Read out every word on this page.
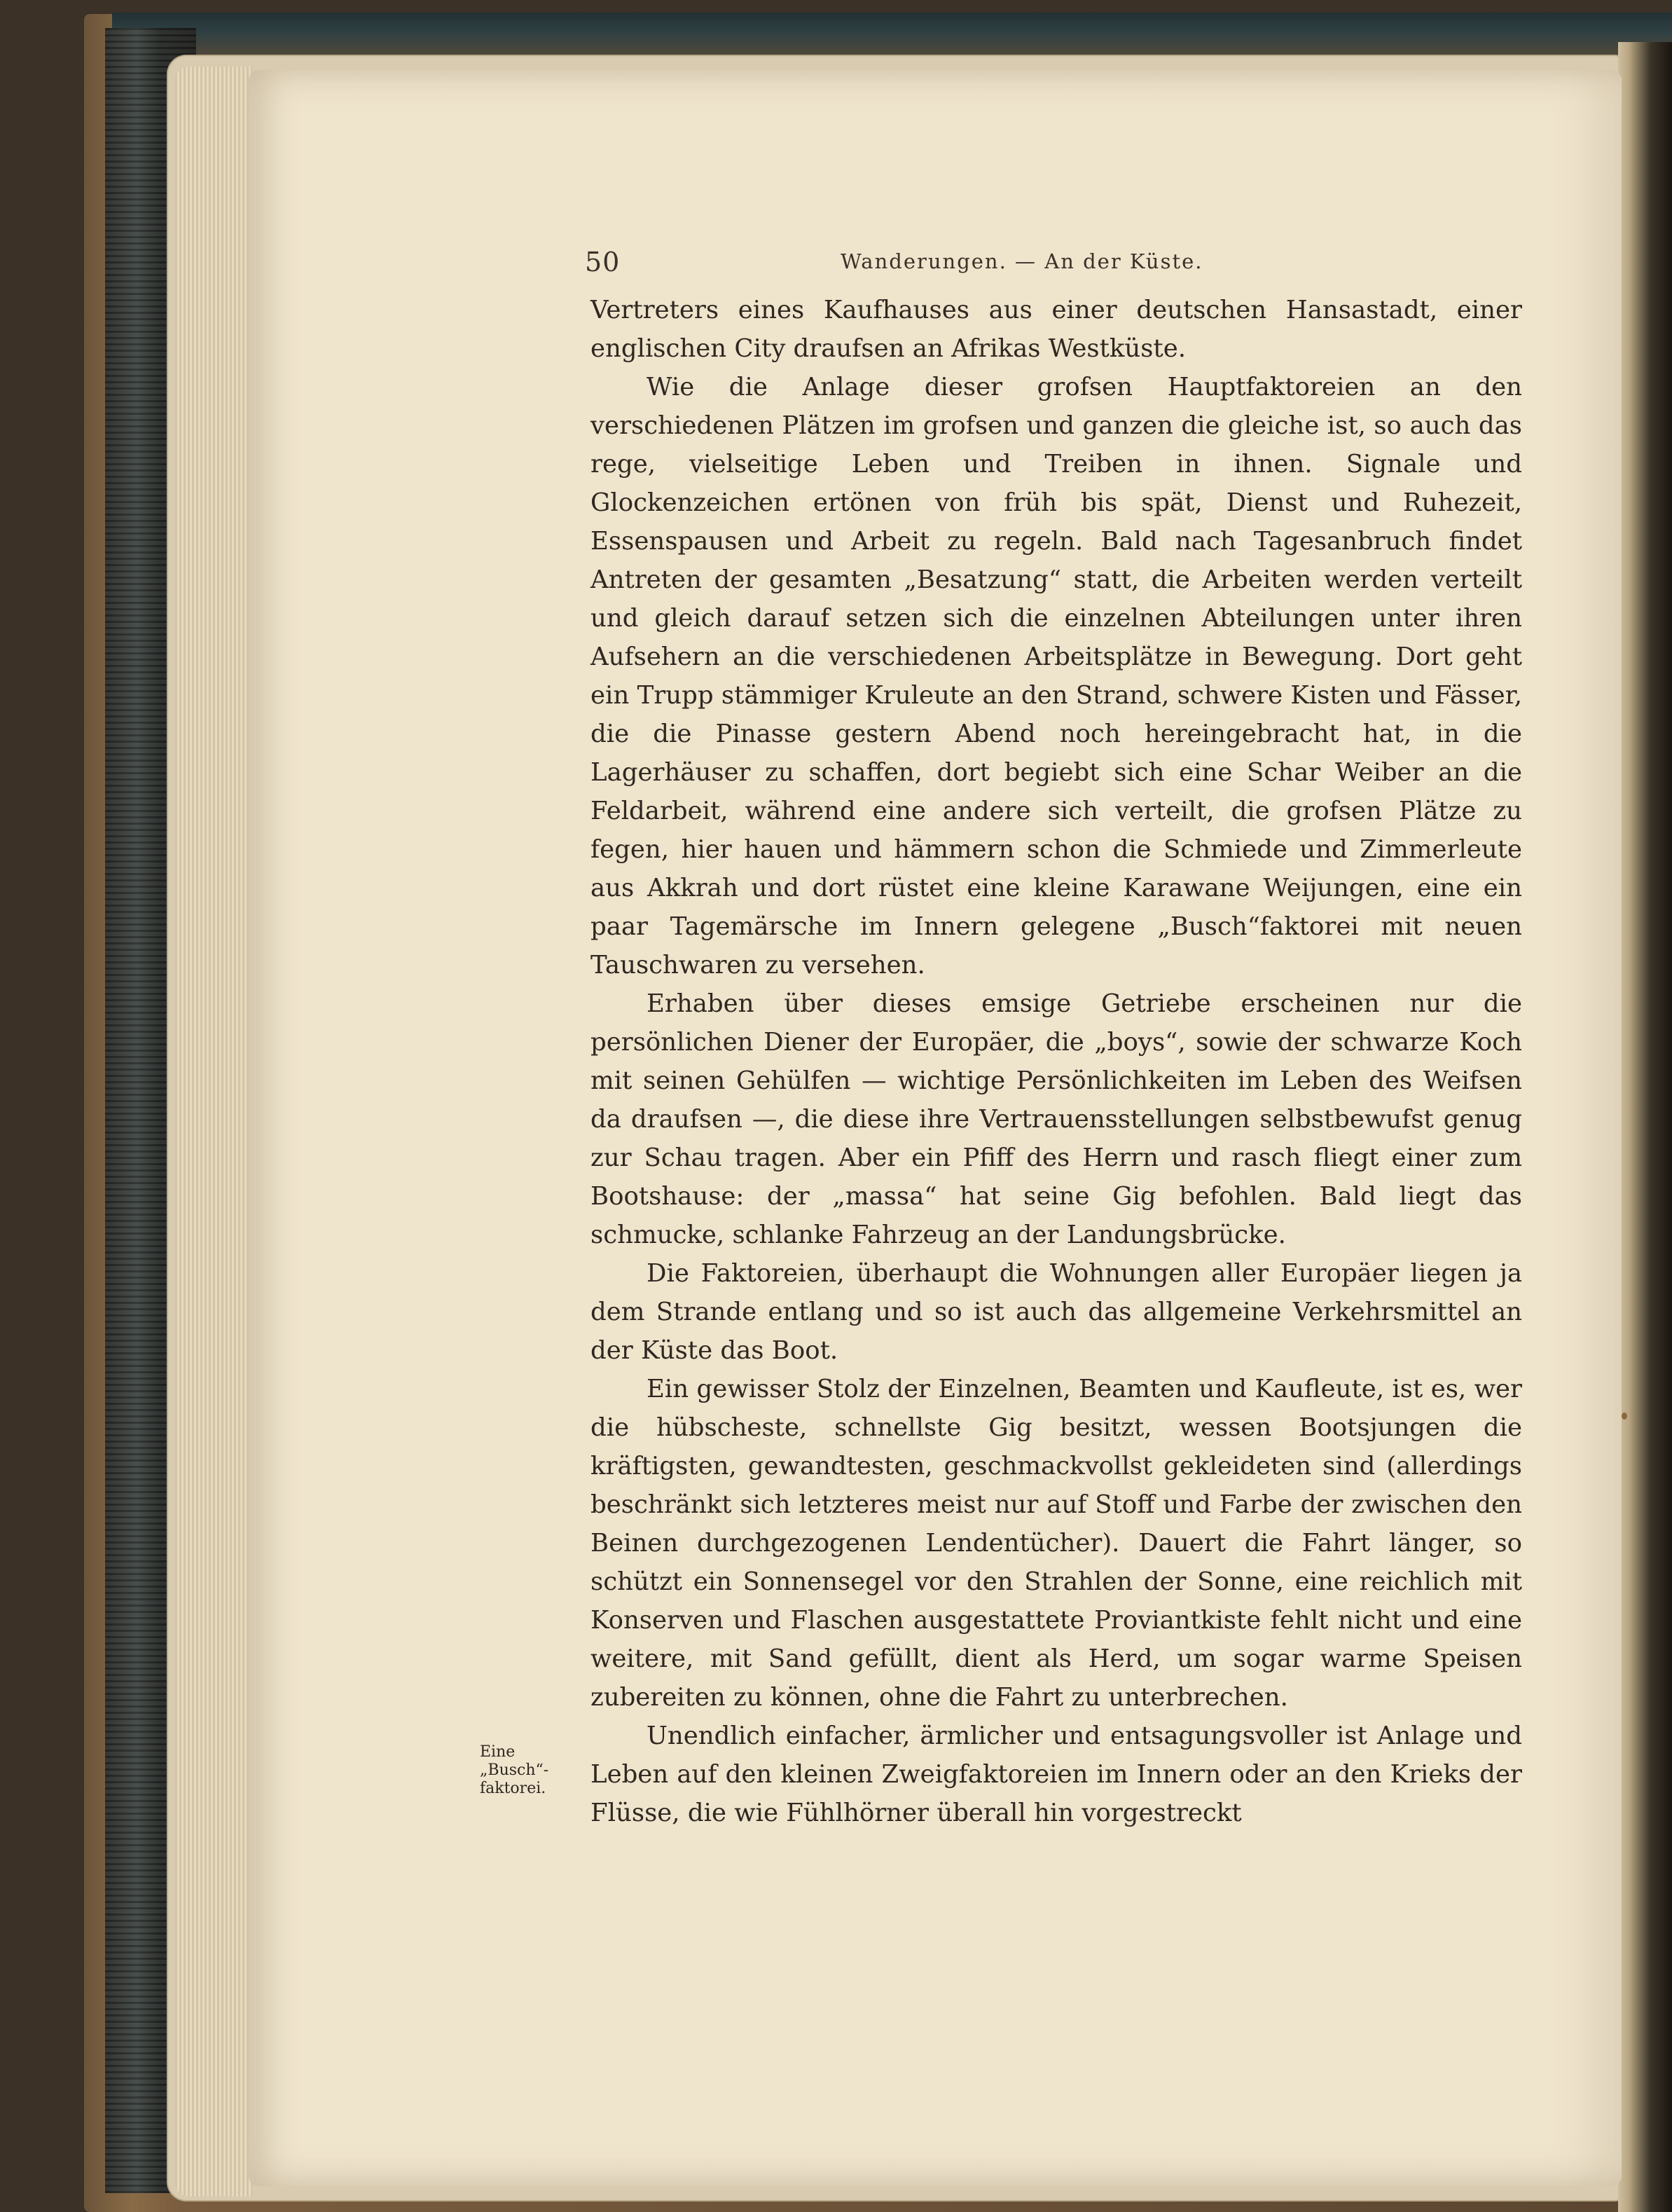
50	Wanderungen. — An der Küste.
Eine „Busch“-faktorei.

Vertreters eines Kaufhauses aus einer deutschen Hansastadt, einer englischen City draufsen an Afrikas Westküste.

Wie die Anlage dieser grofsen Hauptfaktoreien an den verschiedenen Plätzen im grofsen und ganzen die gleiche ist, so auch das rege, vielseitige Leben und Treiben in ihnen. Signale und Glockenzeichen ertönen von früh bis spät, Dienst und Ruhezeit, Essenspausen und Arbeit zu regeln. Bald nach Tagesanbruch findet Antreten der gesamten „Besatzung“ statt, die Arbeiten werden verteilt und gleich darauf setzen sich die einzelnen Abteilungen unter ihren Aufsehern an die verschiedenen Arbeitsplätze in Bewegung. Dort geht ein Trupp stämmiger Kruleute an den Strand, schwere Kisten und Fässer, die die Pinasse gestern Abend noch hereingebracht hat, in die Lagerhäuser zu schaffen, dort begiebt sich eine Schar Weiber an die Feldarbeit, während eine andere sich verteilt, die grofsen Plätze zu fegen, hier hauen und hämmern schon die Schmiede und Zimmerleute aus Akkrah und dort rüstet eine kleine Karawane Weijungen, eine ein paar Tagemärsche im Innern gelegene „Busch“faktorei mit neuen Tauschwaren zu versehen.

Erhaben über dieses emsige Getriebe erscheinen nur die persönlichen Diener der Europäer, die „boys“, sowie der schwarze Koch mit seinen Gehülfen — wichtige Persönlichkeiten im Leben des Weifsen da draufsen —, die diese ihre Vertrauensstellungen selbstbewufst genug zur Schau tragen. Aber ein Pfiff des Herrn und rasch fliegt einer zum Bootshause: der „massa“ hat seine Gig befohlen. Bald liegt das schmucke, schlanke Fahrzeug an der Landungsbrücke.

Die Faktoreien, überhaupt die Wohnungen aller Europäer liegen ja dem Strande entlang und so ist auch das allgemeine Verkehrsmittel an der Küste das Boot.

Ein gewisser Stolz der Einzelnen, Beamten und Kaufleute, ist es, wer die hübscheste, schnellste Gig besitzt, wessen Bootsjungen die kräftigsten, gewandtesten, geschmackvollst gekleideten sind (allerdings beschränkt sich letzteres meist nur auf Stoff und Farbe der zwischen den Beinen durchgezogenen Lendentücher). Dauert die Fahrt länger, so schützt ein Sonnensegel vor den Strahlen der Sonne, eine reichlich mit Konserven und Flaschen ausgestattete Proviantkiste fehlt nicht und eine weitere, mit Sand gefüllt, dient als Herd, um sogar warme Speisen zubereiten zu können, ohne die Fahrt zu unterbrechen.

Unendlich einfacher, ärmlicher und entsagungsvoller ist Anlage und Leben auf den kleinen Zweigfaktoreien im Innern oder an den Krieks der Flüsse, die wie Fühlhörner überall hin vorgestreckt
